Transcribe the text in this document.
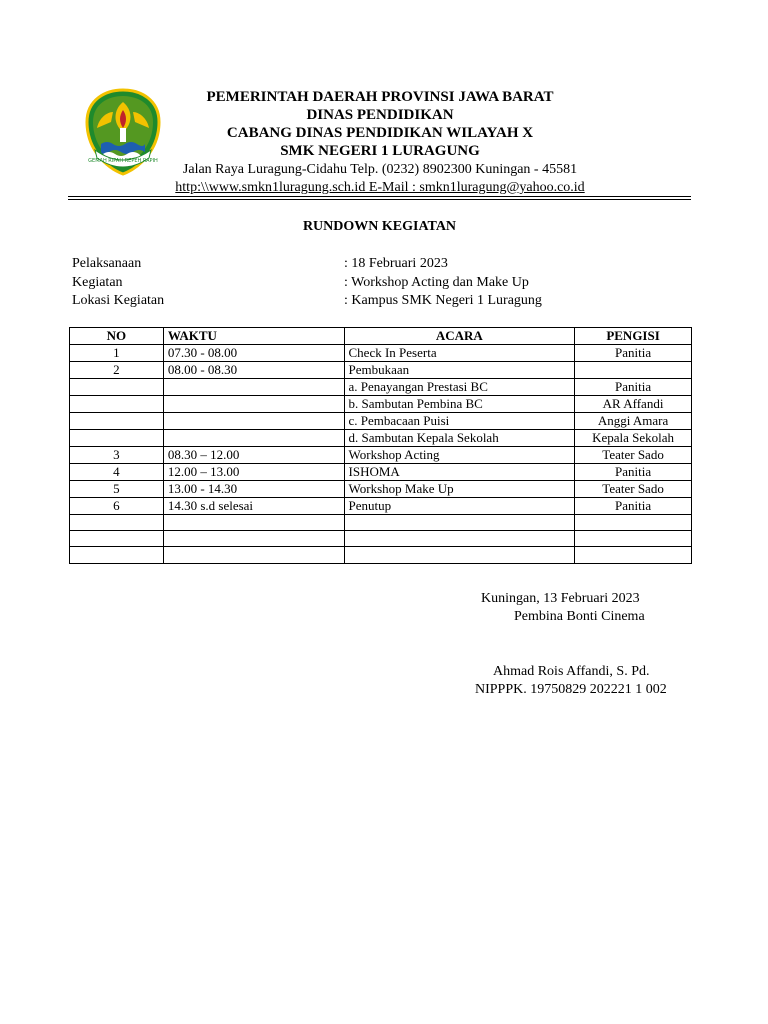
GEMAH RIPAH REPEH RAPIH
PEMERINTAH DAERAH PROVINSI JAWA BARAT
DINAS PENDIDIKAN
CABANG DINAS PENDIDIKAN WILAYAH X
SMK NEGERI 1 LURAGUNG
Jalan Raya Luragung-Cidahu Telp. (0232) 8902300 Kuningan - 45581
http:\\www.smkn1luragung.sch.id E-Mail : smkn1luragung@yahoo.co.id
RUNDOWN KEGIATAN
Pelaksanaan	: 18 Februari 2023
Kegiatan	: Workshop Acting dan Make Up
Lokasi Kegiatan	: Kampus SMK Negeri 1 Luragung
NO	WAKTU	ACARA	PENGISI
1	07.30 - 08.00	Check In Peserta	Panitia
2	08.00 - 08.30	Pembukaan	
		a. Penayangan Prestasi BC	Panitia
		b. Sambutan Pembina BC	AR Affandi
		c. Pembacaan Puisi	Anggi Amara
		d. Sambutan Kepala Sekolah	Kepala Sekolah
3	08.30 – 12.00	Workshop Acting	Teater Sado
4	12.00 – 13.00	ISHOMA	Panitia
5	13.00 - 14.30	Workshop Make Up	Teater Sado
6	14.30 s.d selesai	Penutup	Panitia

Kuningan, 13 Februari 2023
Pembina Bonti Cinema
Ahmad Rois Affandi, S. Pd.
NIPPPK. 19750829 202221 1 002
